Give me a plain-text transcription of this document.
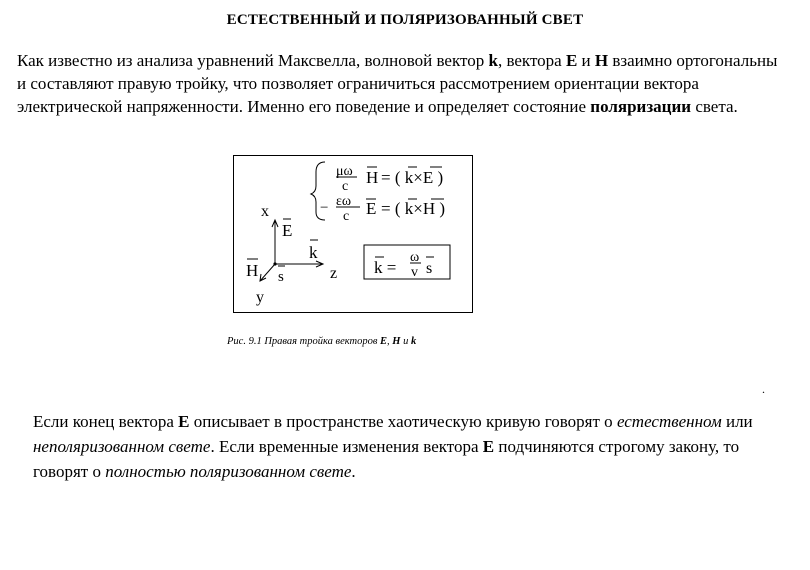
ЕСТЕСТВЕННЫЙ И ПОЛЯРИЗОВАННЫЙ СВЕТ
Как известно из анализа уравнений Максвелла, волновой вектор k, вектора E и H взаимно ортогональны и составляют правую тройку, что позволяет ограничиться рассмотрением ориентации вектора электрической напряженности. Именно его поведение и определяет состояние поляризации света.
x
y
z
E
H
k
s
μω
c H = ( k×E )
− εω
c E = ( k×H )
k =
ω
v s
Рис. 9.1 Правая тройка векторов E, H и k
.
Если конец вектора E описывает в пространстве хаотическую кривую говорят о естественном или неполяризованном свете. Если временные изменения вектора E подчиняются строгому закону, то говорят о полностью поляризованном свете.
